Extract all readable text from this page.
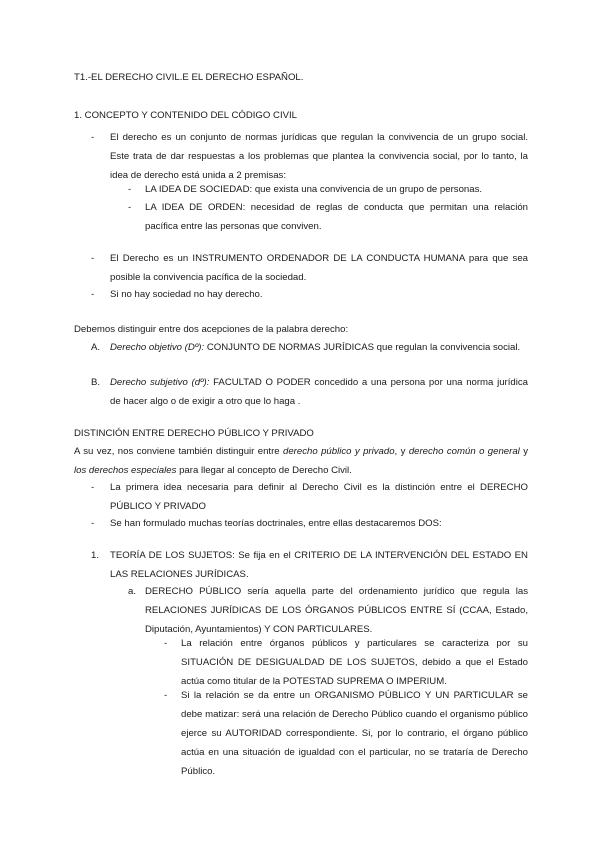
T1.-EL DERECHO CIVIL.E EL DERECHO ESPAÑOL.
1. CONCEPTO Y CONTENIDO DEL CÓDIGO CIVIL
- El derecho es un conjunto de normas jurídicas que regulan la convivencia de un grupo social. Este trata de dar respuestas a los problemas que plantea la convivencia social, por lo tanto, la idea de derecho está unida a 2 premisas:
- LA IDEA DE SOCIEDAD: que exista una convivencia de un grupo de personas.
- LA IDEA DE ORDEN: necesidad de reglas de conducta que permitan una relación pacífica entre las personas que conviven.
- El Derecho es un INSTRUMENTO ORDENADOR DE LA CONDUCTA HUMANA para que sea posible la convivencia pacífica de la sociedad.
- Si no hay sociedad no hay derecho.
Debemos distinguir entre dos acepciones de la palabra derecho:
A. Derecho objetivo (Dº): CONJUNTO DE NORMAS JURÍDICAS que regulan la convivencia social.
B. Derecho subjetivo (dº): FACULTAD O PODER concedido a una persona por una norma jurídica de hacer algo o de exigir a otro que lo haga .
DISTINCIÓN ENTRE DERECHO PÚBLICO Y PRIVADO
A su vez, nos conviene también distinguir entre derecho público y privado, y derecho común o general y los derechos especiales para llegar al concepto de Derecho Civil.
- La primera idea necesaria para definir al Derecho Civil es la distinción entre el DERECHO PÚBLICO Y PRIVADO
- Se han formulado muchas teorías doctrinales, entre ellas destacaremos DOS:
1. TEORÍA DE LOS SUJETOS: Se fija en el CRITERIO DE LA INTERVENCIÓN DEL ESTADO EN LAS RELACIONES JURÍDICAS.
a. DERECHO PÚBLICO sería aquella parte del ordenamiento jurídico que regula las RELACIONES JURÍDICAS DE LOS ÓRGANOS PÚBLICOS ENTRE SÍ (CCAA, Estado, Diputación, Ayuntamientos) Y CON PARTICULARES.
- La relación entre órganos públicos y particulares se caracteriza por su SITUACIÓN DE DESIGUALDAD DE LOS SUJETOS, debido a que el Estado actúa como titular de la POTESTAD SUPREMA O IMPERIUM.
- Si la relación se da entre un ORGANISMO PÚBLICO Y UN PARTICULAR se debe matizar: será una relación de Derecho Público cuando el organismo público ejerce su AUTORIDAD correspondiente. Si, por lo contrario, el órgano público actúa en una situación de igualdad con el particular, no se trataría de Derecho Público.
